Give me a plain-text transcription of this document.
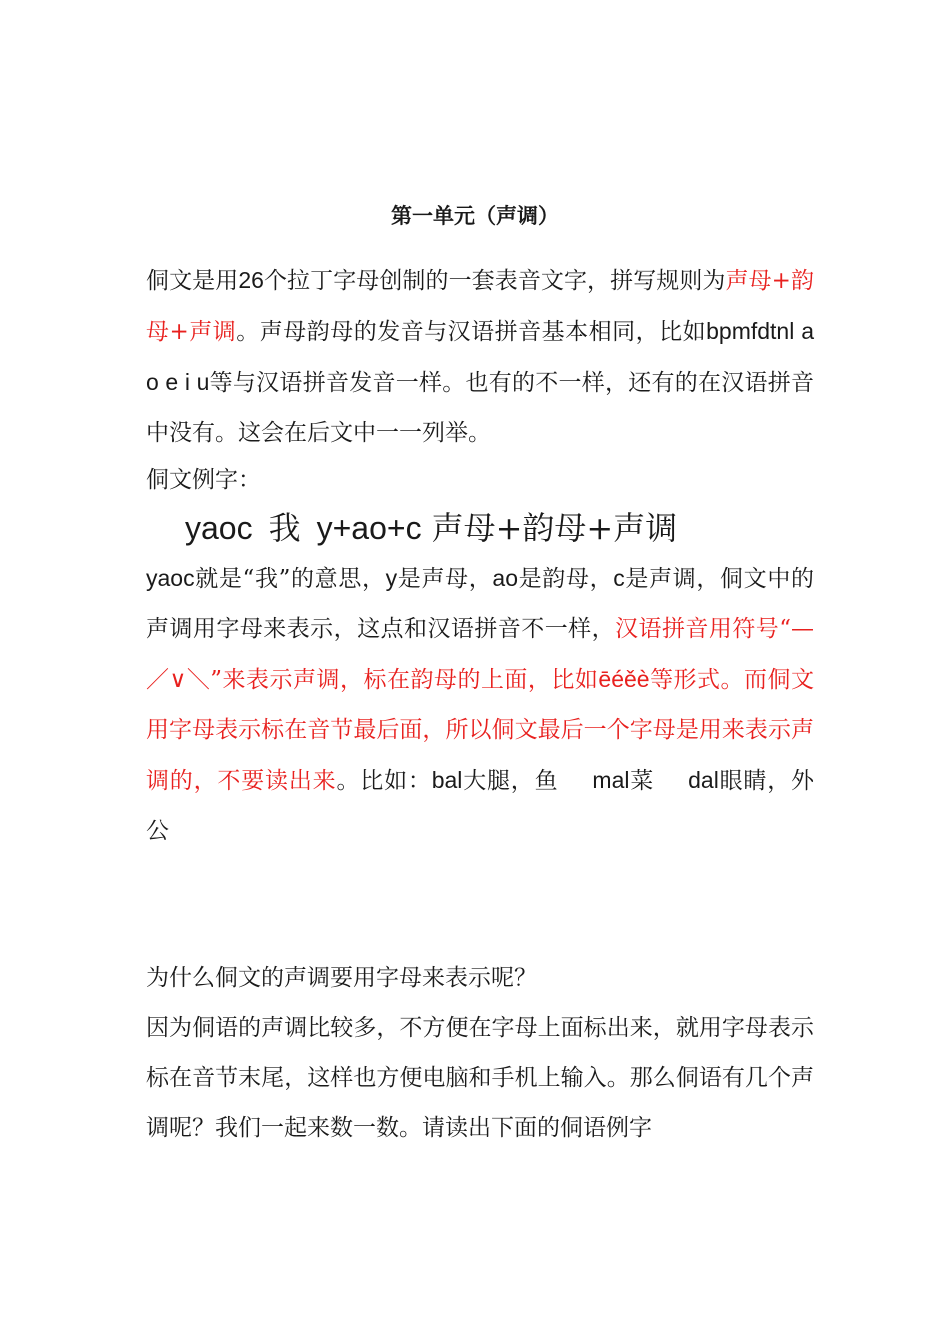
第一单元（声调）
侗文是用26个拉丁字母创制的一套表音文字，拼写规则为声母+韵母+声调。声母韵母的发音与汉语拼音基本相同，比如bpmfdtnl a o e i u等与汉语拼音发音一样。也有的不一样，还有的在汉语拼音中没有。这会在后文中一一列举。
侗文例字：
yaoc 我 y+ao+c 声母+韵母+声调
yaoc就是“我”的意思，y是声母，ao是韵母，c是声调，侗文中的声调用字母来表示，这点和汉语拼音不一样，汉语拼音用符号“—／∨＼”来表示声调，标在韵母的上面，比如ēéěè等形式。而侗文用字母表示标在音节最后面，所以侗文最后一个字母是用来表示声调的，不要读出来。比如：bal大腿，鱼 mal菜 dal眼睛，外公
为什么侗文的声调要用字母来表示呢？
因为侗语的声调比较多，不方便在字母上面标出来，就用字母表示标在音节末尾，这样也方便电脑和手机上输入。那么侗语有几个声调呢？我们一起来数一数。请读出下面的侗语例字
